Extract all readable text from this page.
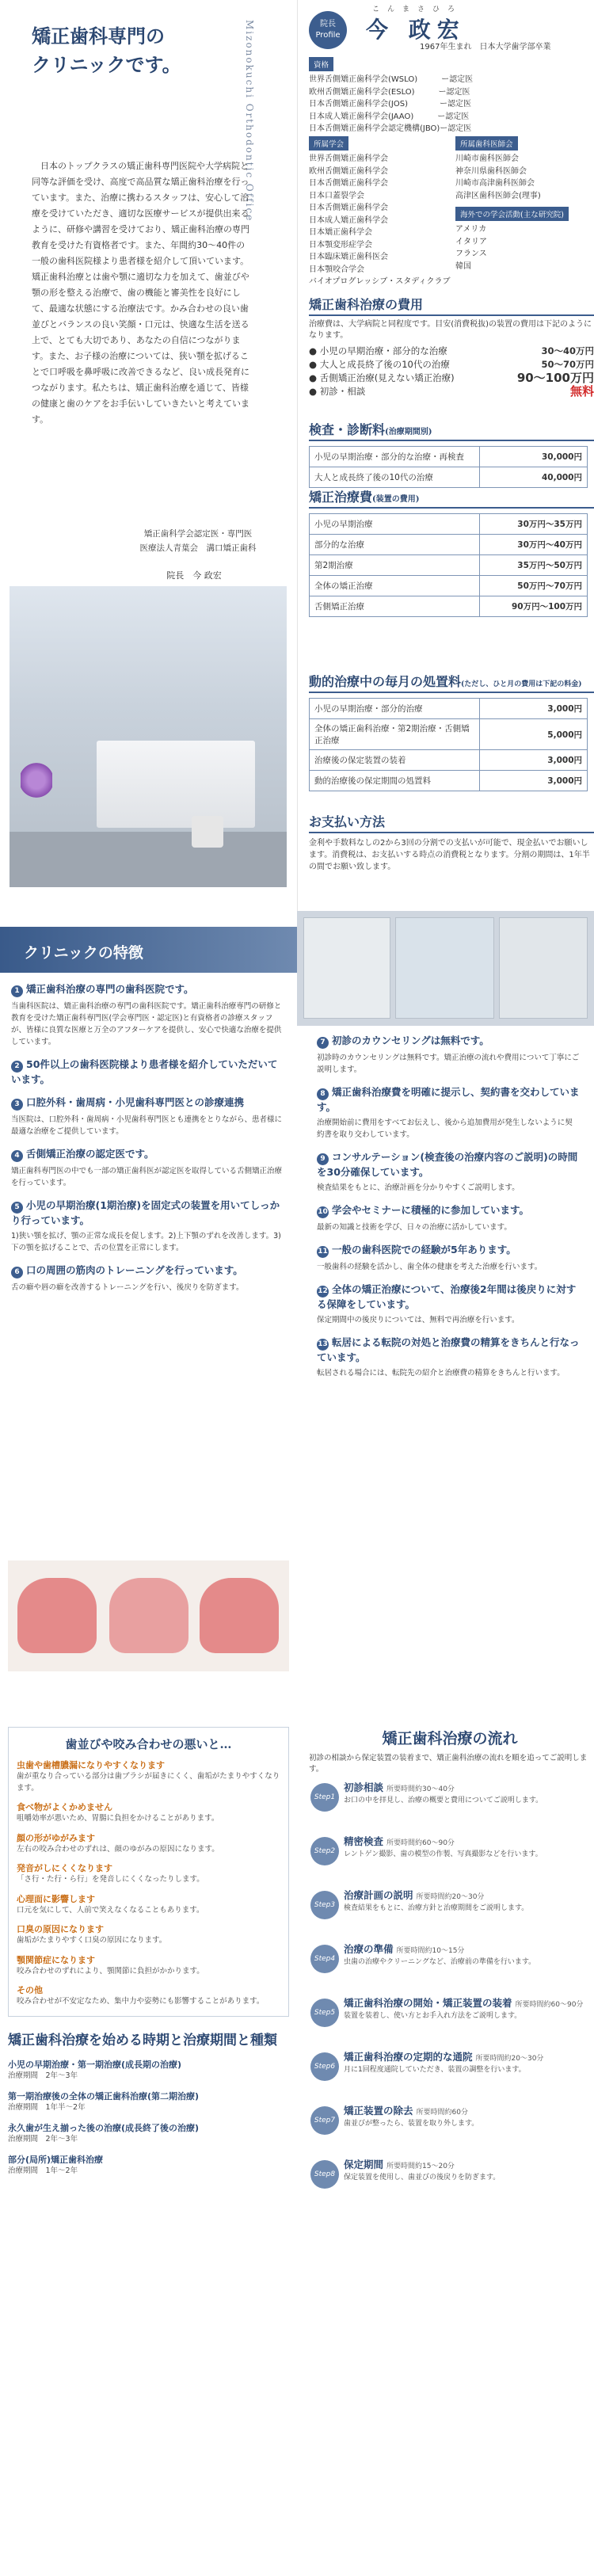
矯正歯科専門の
クリニックです。	Mizonokuchi Orthodontic Office

日本のトップクラスの矯正歯科専門医院や大学病院と同等な評価を受け、高度で高品質な矯正歯科治療を行っています。また、治療に携わるスタッフは、安心して治療を受けていただき、適切な医療サービスが提供出来るように、研修や講習を受けており、矯正歯科治療の専門教育を受けた有資格者です。また、年間約30〜40件の一般の歯科医院様より患者様を紹介して頂いています。矯正歯科治療とは歯や顎に適切な力を加えて、歯並びや顎の形を整える治療で、歯の機能と審美性を良好にして、最適な状態にする治療法です。かみ合わせの良い歯並びとバランスの良い笑顔・口元は、快適な生活を送る上で、とても大切であり、あなたの自信につながります。また、お子様の治療については、狭い顎を拡げることで口呼吸を鼻呼吸に改善できるなど、良い成長発育につながります。私たちは、矯正歯科治療を通じて、皆様の健康と歯のケアをお手伝いしていきたいと考えています。

矯正歯科学会認定医・専門医
医療法人青葉会　溝口矯正歯科
院長　今 政宏
院長
Profile
こんまさひろ
今 政宏
1967年生まれ　日本大学歯学部卒業
資格
世界舌側矯正歯科学会(WSLO)　　　ー認定医
欧州舌側矯正歯科学会(ESLO)　　　ー認定医
日本舌側矯正歯科学会(JOS)　　　　ー認定医
日本成人矯正歯科学会(JAAO)　　　ー認定医
日本舌側矯正歯科学会認定機構(JBO)ー認定医
所属学会
世界舌側矯正歯科学会
欧州舌側矯正歯科学会
日本舌側矯正歯科学会
日本口蓋裂学会
日本舌側矯正歯科学会
日本成人矯正歯科学会
日本矯正歯科学会
日本顎変形症学会
日本臨床矯正歯科医会
日本顎咬合学会
バイオプログレッシブ・スタディクラブ
所属歯科医師会
川崎市歯科医師会
神奈川県歯科医師会
川崎市高津歯科医師会
高津区歯科医師会(理事)
海外での学会活動(主な研究院)
アメリカ
イタリア
フランス
韓国
矯正歯科治療の費用

治療費は、大学病院と同程度です。目安(消費税抜)の装置の費用は下記のようになります。

● 小児の早期治療・部分的な治療	30〜40万円
● 大人と成長終了後の10代の治療	50〜70万円
● 舌側矯正治療(見えない矯正治療)	90〜100万円
● 初診・相談	無料
検査・診断料(治療期間別)
小児の早期治療・部分的な治療・再検査	30,000円
大人と成長終了後の10代の治療	40,000円
矯正治療費(装置の費用)
小児の早期治療	30万円〜35万円
部分的な治療	30万円〜40万円
第2期治療	35万円〜50万円
全体の矯正治療	50万円〜70万円
舌側矯正治療	90万円〜100万円
動的治療中の毎月の処置料(ただし、ひと月の費用は下記の料金)
小児の早期治療・部分的治療	3,000円
全体の矯正歯科治療・第2期治療・舌側矯正治療	5,000円
治療後の保定装置の装着	3,000円
動的治療後の保定期間の処置料	3,000円
お支払い方法

金利や手数料なしの2から3回の分割での支払いが可能で、現金払いでお願いします。消費税は、お支払いする時点の消費税となります。分割の期間は、1年半の間でお願い致します。

クリニックの特徴
1 矯正歯科治療の専門の歯科医院です。

当歯科医院は、矯正歯科治療の専門の歯科医院です。矯正歯科治療専門の研修と教育を受けた矯正歯科専門医(学会専門医・認定医)と有資格者の診療スタッフが、皆様に良質な医療と万全のアフターケアを提供し、安心で快適な治療を提供しています。

2 50件以上の歯科医院様より患者様を紹介していただいています。
3 口腔外科・歯周病・小児歯科専門医との診療連携

当医院は、口腔外科・歯周病・小児歯科専門医とも連携をとりながら、患者様に最適な治療をご提供しています。

4 舌側矯正治療の認定医です。

矯正歯科専門医の中でも一部の矯正歯科医が認定医を取得している舌側矯正治療を行っています。

5 小児の早期治療(1期治療)を固定式の装置を用いてしっかり行っています。

1)狭い顎を拡げ、顎の正常な成長を促します。2)上下顎のずれを改善します。3)下の顎を拡げることで、舌の位置を正常にします。

6 口の周囲の筋肉のトレーニングを行っています。

舌の癖や唇の癖を改善するトレーニングを行い、後戻りを防ぎます。

7 初診のカウンセリングは無料です。

初診時のカウンセリングは無料です。矯正治療の流れや費用について丁寧にご説明します。

8 矯正歯科治療費を明確に提示し、契約書を交わしています。

治療開始前に費用をすべてお伝えし、後から追加費用が発生しないように契約書を取り交わしています。

9 コンサルテーション(検査後の治療内容のご説明)の時間を30分確保しています。

検査結果をもとに、治療計画を分かりやすくご説明します。

10 学会やセミナーに積極的に参加しています。

最新の知識と技術を学び、日々の治療に活かしています。

11 一般の歯科医院での経験が5年あります。

一般歯科の経験を活かし、歯全体の健康を考えた治療を行います。

12 全体の矯正治療について、治療後2年間は後戻りに対する保障をしています。

保定期間中の後戻りについては、無料で再治療を行います。

13 転居による転院の対処と治療費の精算をきちんと行なっています。

転居される場合には、転院先の紹介と治療費の精算をきちんと行います。

歯並びや咬み合わせの悪いと…
虫歯や歯槽膿漏になりやすくなります

歯が重なり合っている部分は歯ブラシが届きにくく、歯垢がたまりやすくなります。

食べ物がよくかめません

咀嚼効率が悪いため、胃腸に負担をかけることがあります。

顔の形がゆがみます

左右の咬み合わせのずれは、顔のゆがみの原因になります。

発音がしにくくなります

「さ行・た行・ら行」を発音しにくくなったりします。

心理面に影響します

口元を気にして、人前で笑えなくなることもあります。

口臭の原因になります

歯垢がたまりやすく口臭の原因になります。

顎関節症になります

咬み合わせのずれにより、顎関節に負担がかかります。

その他

咬み合わせが不安定なため、集中力や姿勢にも影響することがあります。

矯正歯科治療を始める時期と治療期間と種類
小児の早期治療・第一期治療(成長期の治療)

治療期間　2年〜3年

第一期治療後の全体の矯正歯科治療(第二期治療)

治療期間　1年半〜2年

永久歯が生え揃った後の治療(成長終了後の治療)

治療期間　2年〜3年

部分(局所)矯正歯科治療

治療期間　1年〜2年

矯正歯科治療の流れ

初診の相談から保定装置の装着まで、矯正歯科治療の流れを順を追ってご説明します。

Step1
初診相談 所要時間約30〜40分

お口の中を拝見し、治療の概要と費用についてご説明します。

Step2
精密検査 所要時間約60〜90分

レントゲン撮影、歯の模型の作製、写真撮影などを行います。

Step3
治療計画の説明 所要時間約20〜30分

検査結果をもとに、治療方針と治療期間をご説明します。

Step4
治療の準備 所要時間約10〜15分

虫歯の治療やクリーニングなど、治療前の準備を行います。

Step5
矯正歯科治療の開始・矯正装置の装着 所要時間約60〜90分

装置を装着し、使い方とお手入れ方法をご説明します。

Step6
矯正歯科治療の定期的な通院 所要時間約20〜30分

月に1回程度通院していただき、装置の調整を行います。

Step7
矯正装置の除去 所要時間約60分

歯並びが整ったら、装置を取り外します。

Step8
保定期間 所要時間約15〜20分

保定装置を使用し、歯並びの後戻りを防ぎます。
